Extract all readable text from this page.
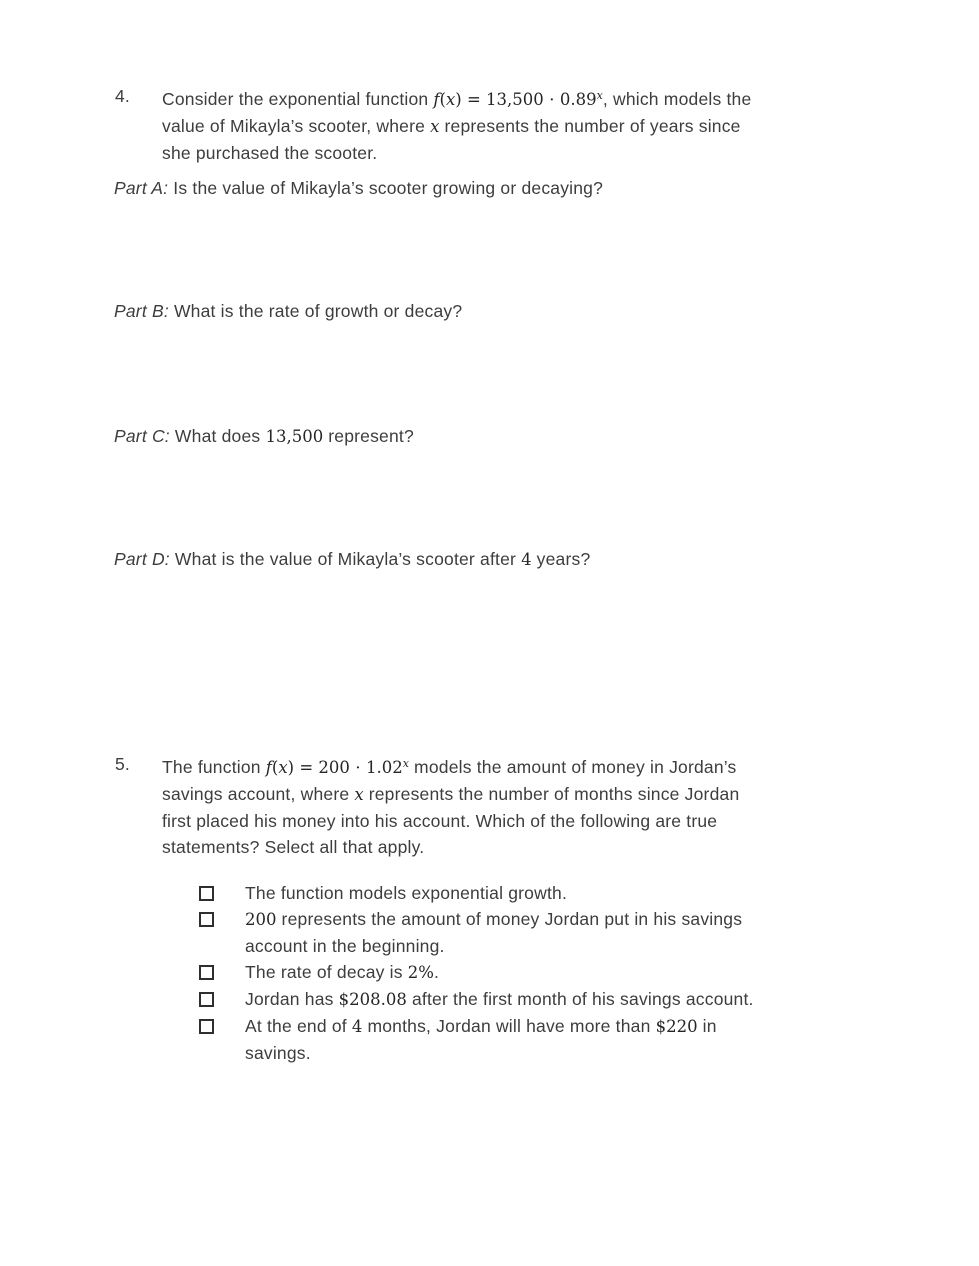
4. Consider the exponential function $f(x) = 13,500 \cdot 0.89^x$, which models the
value of Mikayla’s scooter, where x represents the number of years since
she purchased the scooter.
Part A: Is the value of Mikayla’s scooter growing or decaying?
Part B: What is the rate of growth or decay?
Part C: What does 13,500 represent?
Part D: What is the value of Mikayla’s scooter after 4 years?
5. The function $f(x) = 200 \cdot 1.02^x$ models the amount of money in Jordan’s
savings account, where x represents the number of months since Jordan
first placed his money into his account. Which of the following are true
statements? Select all that apply.
The function models exponential growth.
200 represents the amount of money Jordan put in his savings
account in the beginning.
The rate of decay is 2%.
Jordan has $208.08 after the first month of his savings account.
At the end of 4 months, Jordan will have more than $220 in
savings.
